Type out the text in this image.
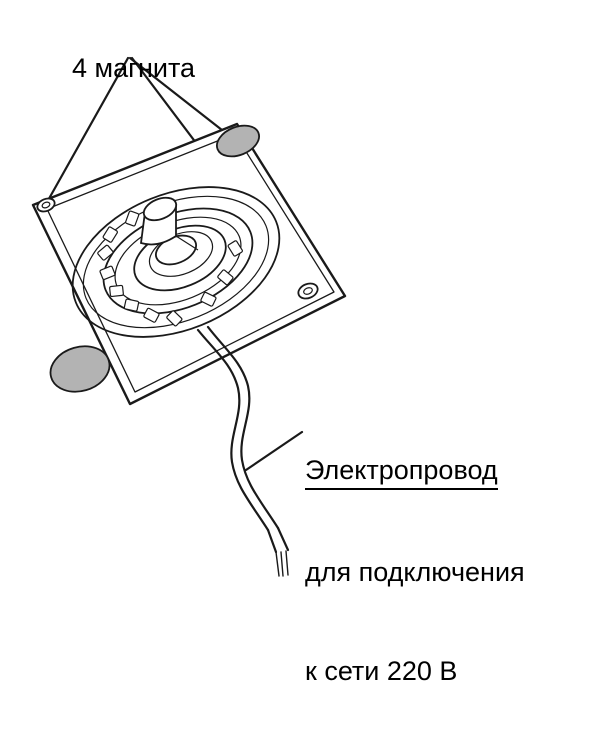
4 магнита

Электропровод

для подключения

к сети 220 В
